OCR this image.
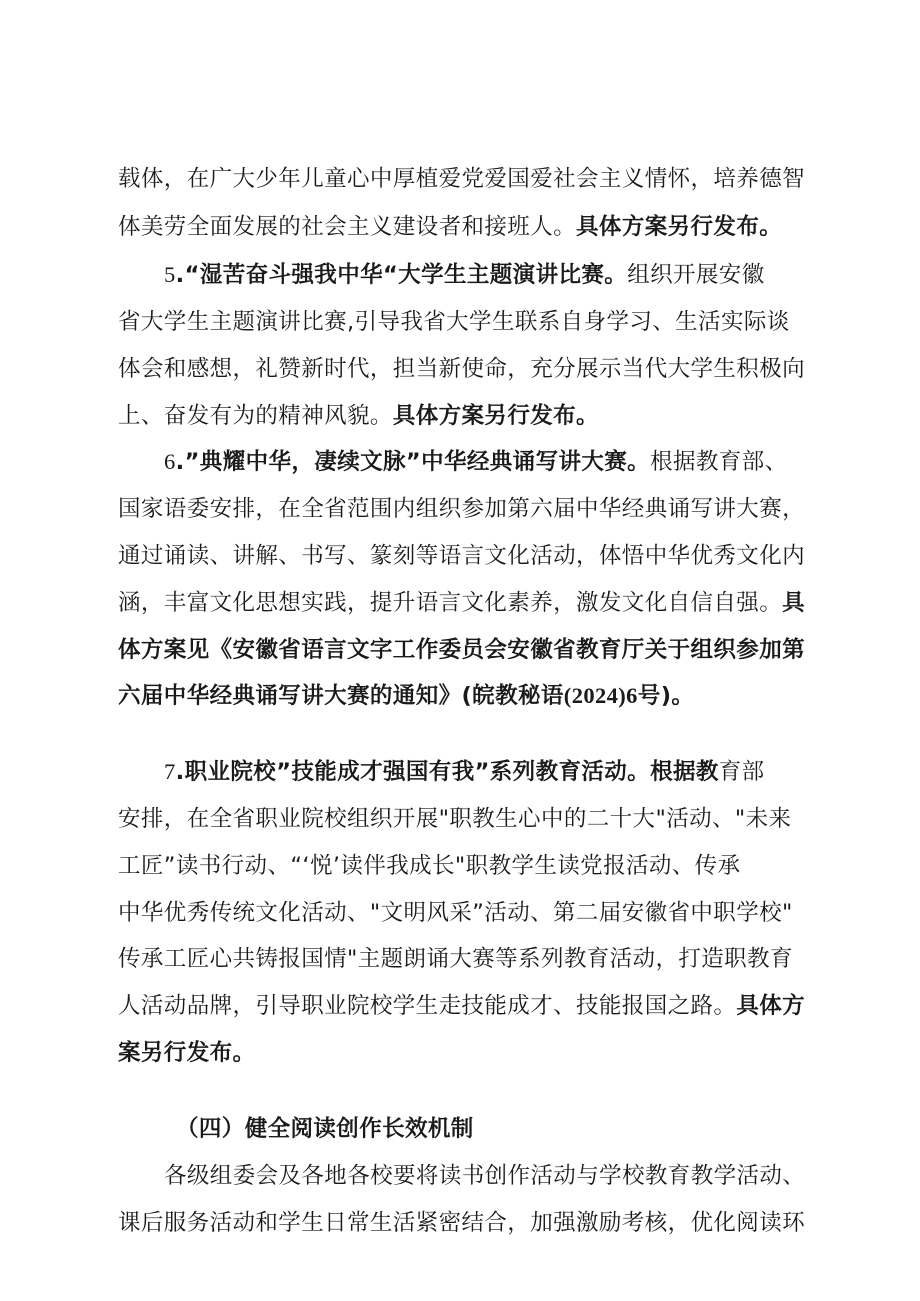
载体，在广大少年儿童心中厚植爱党爱国爱社会主义情怀，培养德智
体美劳全面发展的社会主义建设者和接班人。具体方案另行发布。
5.“湿苦奋斗强我中华“大学生主题演讲比赛。组织开展安徽
省大学生主题演讲比赛,引导我省大学生联系自身学习、生活实际谈
体会和感想，礼赞新时代，担当新使命，充分展示当代大学生积极向
上、奋发有为的精神风貌。具体方案另行发布。
6.”典耀中华，凄续文脉”中华经典诵写讲大赛。根据教育部、
国家语委安排，在全省范围内组织参加第六届中华经典诵写讲大赛，
通过诵读、讲解、书写、篆刻等语言文化活动，体悟中华优秀文化内
涵，丰富文化思想实践，提升语言文化素养，激发文化自信自强。具
体方案见《安徽省语言文字工作委员会安徽省教育厅关于组织参加第
六届中华经典诵写讲大赛的通知》(皖教秘语(2024)6号)。
7.职业院校”技能成才强国有我”系列教育活动。根据教育部
安排，在全省职业院校组织开展"职教生心中的二十大"活动、"未来
工匠”读书行动、“‘悦’读伴我成长"职教学生读党报活动、传承
中华优秀传统文化活动、"文明风采”活动、第二届安徽省中职学校"
传承工匠心共铸报国情"主题朗诵大赛等系列教育活动，打造职教育
人活动品牌，引导职业院校学生走技能成才、技能报国之路。具体方
案另行发布。
（四）健全阅读创作长效机制
各级组委会及各地各校要将读书创作活动与学校教育教学活动、
课后服务活动和学生日常生活紧密结合，加强激励考核，优化阅读环
